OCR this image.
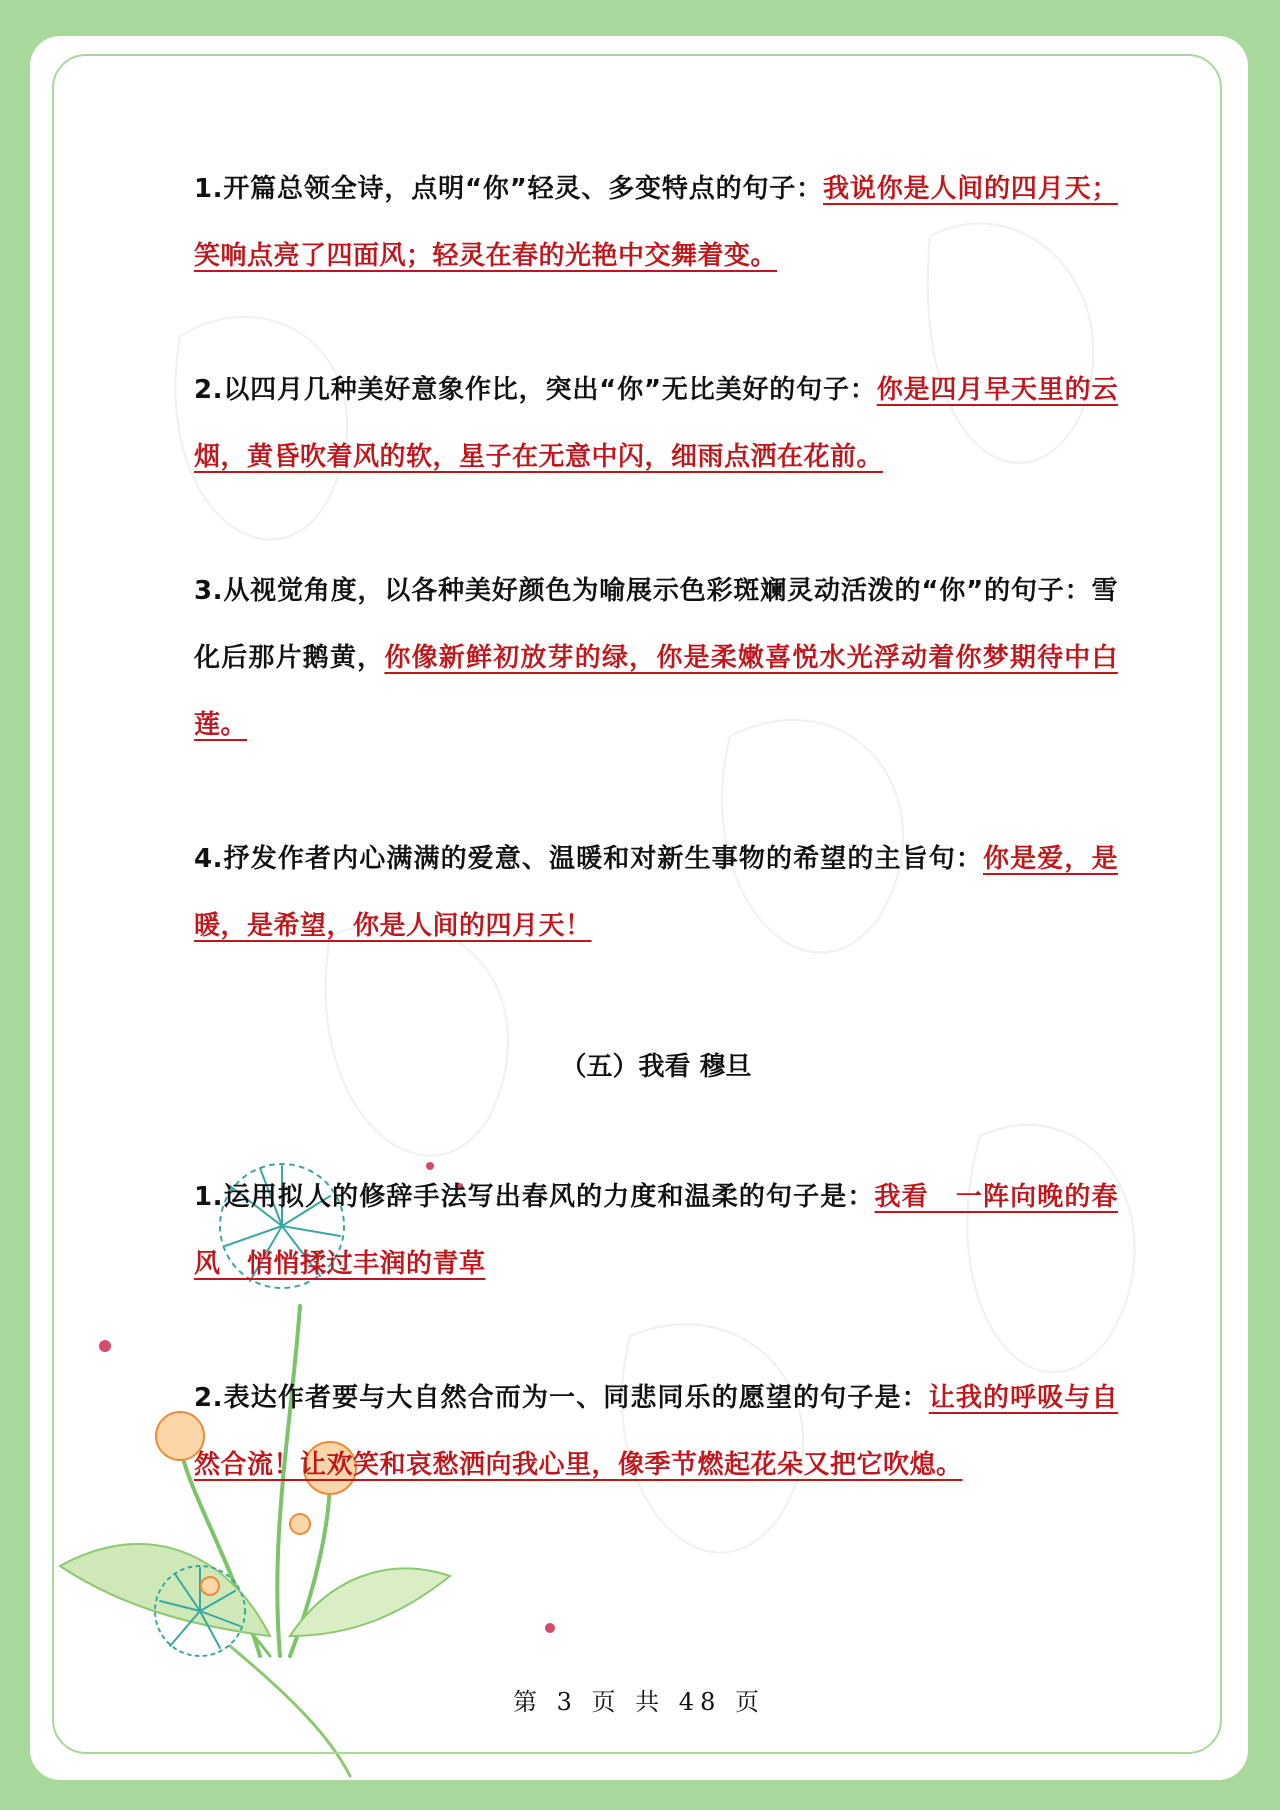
1.开篇总领全诗，点明“你”轻灵、多变特点的句子：我说你是人间的四月天；笑响点亮了四面风；轻灵在春的光艳中交舞着变。
2.以四月几种美好意象作比，突出“你”无比美好的句子：你是四月早天里的云烟，黄昏吹着风的软，星子在无意中闪，细雨点洒在花前。
3.从视觉角度，以各种美好颜色为喻展示色彩斑斓灵动活泼的“你”的句子：雪化后那片鹅黄，你像新鲜初放芽的绿，你是柔嫩喜悦水光浮动着你梦期待中白莲。
4.抒发作者内心满满的爱意、温暖和对新生事物的希望的主旨句：你是爱，是暖，是希望，你是人间的四月天！
（五）我看 穆旦
1.运用拟人的修辞手法写出春风的力度和温柔的句子是：我看　一阵向晚的春风　悄悄揉过丰润的青草
2.表达作者要与大自然合而为一、同悲同乐的愿望的句子是：让我的呼吸与自然合流！让欢笑和哀愁洒向我心里，像季节燃起花朵又把它吹熄。
第 3 页 共 48 页
